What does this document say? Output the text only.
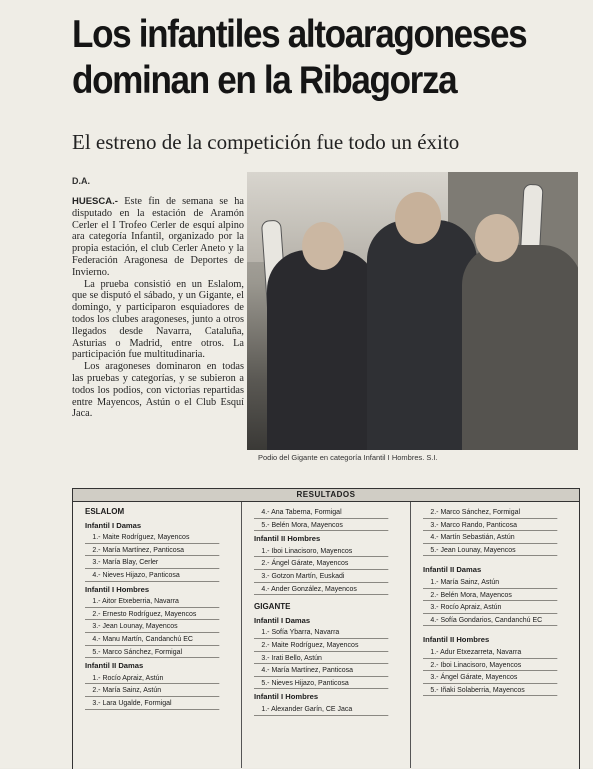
Los infantiles altoaragoneses dominan en la Ribagorza
El estreno de la competición fue todo un éxito
D.A.

HUESCA.- Este fin de semana se ha disputado en la estación de Aramón Cerler el I Trofeo Cerler de esquí alpino ara categoría Infantil, organizado por la propia estación, el club Cerler Aneto y la Federación Aragonesa de Deportes de Invierno.

La prueba consistió en un Eslalom, que se disputó el sábado, y un Gigante, el domingo, y participaron esquiadores de todos los clubes aragoneses, junto a otros llegados desde Navarra, Cataluña, Asturias o Madrid, entre otros. La participación fue multitudinaria.

Los aragoneses dominaron en todas las pruebas y categorías, y se subieron a todos los podios, con victorias repartidas entre Mayencos, Astún o el Club Esquí Jaca.

Podio del Gigante en categoría Infantil I Hombres. S.I.
RESULTADOS
ESLALOM
Infantil I Damas
1.- Maite Rodríguez, Mayencos
2.- María Martínez, Panticosa
3.- María Blay, Cerler
4.- Nieves Hijazo, Panticosa
Infantil I Hombres
1.- Aitor Etxeberria, Navarra
2.- Ernesto Rodríguez, Mayencos
3.- Jean Lounay, Mayencos
4.- Manu Martín, Candanchú EC
5.- Marco Sánchez, Formigal
Infantil II Damas
1.- Rocío Apraiz, Astún
2.- María Sainz, Astún
3.- Lara Ugalde, Formigal
4.- Ana Taberna, Formigal
5.- Belén Mora, Mayencos
Infantil II Hombres
1.- Iboi Linacisoro, Mayencos
2.- Ángel Gárate, Mayencos
3.- Gotzon Martín, Euskadi
4.- Ander González, Mayencos
GIGANTE
Infantil I Damas
1.- Sofía Ybarra, Navarra
2.- Maite Rodríguez, Mayencos
3.- Irati Bello, Astún
4.- María Martínez, Panticosa
5.- Nieves Hijazo, Panticosa
Infantil I Hombres
1.- Alexander Garín, CE Jaca
2.- Marco Sánchez, Formigal
3.- Marco Rando, Panticosa
4.- Martín Sebastián, Astún
5.- Jean Lounay, Mayencos
Infantil II Damas
1.- María Sainz, Astún
2.- Belén Mora, Mayencos
3.- Rocío Apraiz, Astún
4.- Sofía Gondarios, Candanchú EC
Infantil II Hombres
1.- Adur Etxezarreta, Navarra
2.- Iboi Linacisoro, Mayencos
3.- Ángel Gárate, Mayencos
5.- Iñaki Solaberria, Mayencos
